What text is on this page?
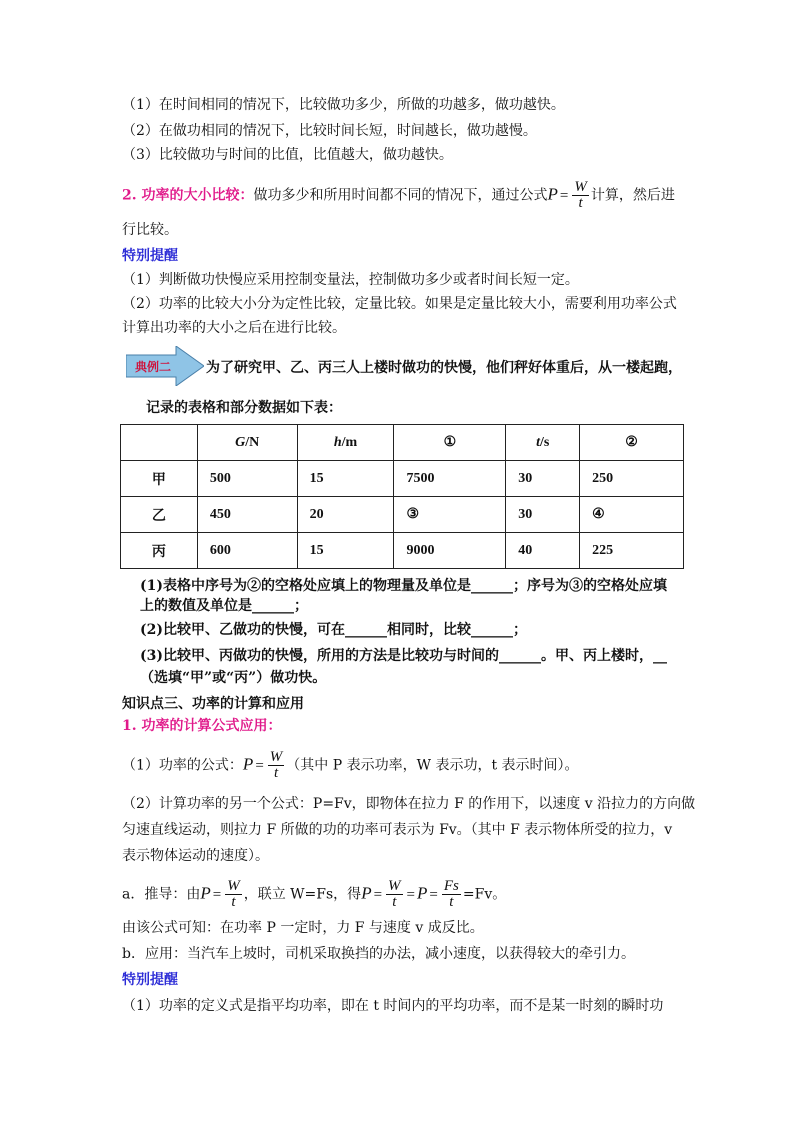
（1）在时间相同的情况下，比较做功多少，所做的功越多，做功越快。
（2）在做功相同的情况下，比较时间长短，时间越长，做功越慢。
（3）比较做功与时间的比值，比值越大，做功越快。
2. 功率的大小比较：做功多少和所用时间都不同的情况下，通过公式$P = \frac{W}{t}$ 计算，然后进
行比较。
特别提醒
（1）判断做功快慢应采用控制变量法，控制做功多少或者时间长短一定。
（2）功率的比较大小分为定性比较，定量比较。如果是定量比较大小，需要利用功率公式
计算出功率的大小之后在进行比较。
典例二 为了研究甲、乙、丙三人上楼时做功的快慢，他们秤好体重后，从一楼起跑，
记录的表格和部分数据如下表：
	G/N	h/m	①	t/s	②
甲	500	15	7500	30	250
乙	450	20	③	30	④
丙	600	15	9000	40	225
(1)表格中序号为②的空格处应填上的物理量及单位是______；序号为③的空格处应填
上的数值及单位是______；
(2)比较甲、乙做功的快慢，可在______相同时，比较______；
(3)比较甲、丙做功的快慢，所用的方法是比较功与时间的______。甲、丙上楼时，__
（选填“甲”或“丙”）做功快。
知识点三、功率的计算和应用
1. 功率的计算公式应用：
（1）功率的公式：$P = \frac{W}{t}$ （其中 P 表示功率，W 表示功，t 表示时间）。
（2）计算功率的另一个公式：P=Fv，即物体在拉力 F 的作用下，以速度 v 沿拉力的方向做
匀速直线运动，则拉力 F 所做的功的功率可表示为 Fv。（其中 F 表示物体所受的拉力，v
表示物体运动的速度）。
a．推导：由$P = \frac{W}{t}$ ，联立 W=Fs，得$P = \frac{W}{t} = P = \frac{Fs}{t} =Fv$。
由该公式可知：在功率 P 一定时，力 F 与速度 v 成反比。
b．应用：当汽车上坡时，司机采取换挡的办法，减小速度，以获得较大的牵引力。
特别提醒
（1）功率的定义式是指平均功率，即在 t 时间内的平均功率，而不是某一时刻的瞬时功
